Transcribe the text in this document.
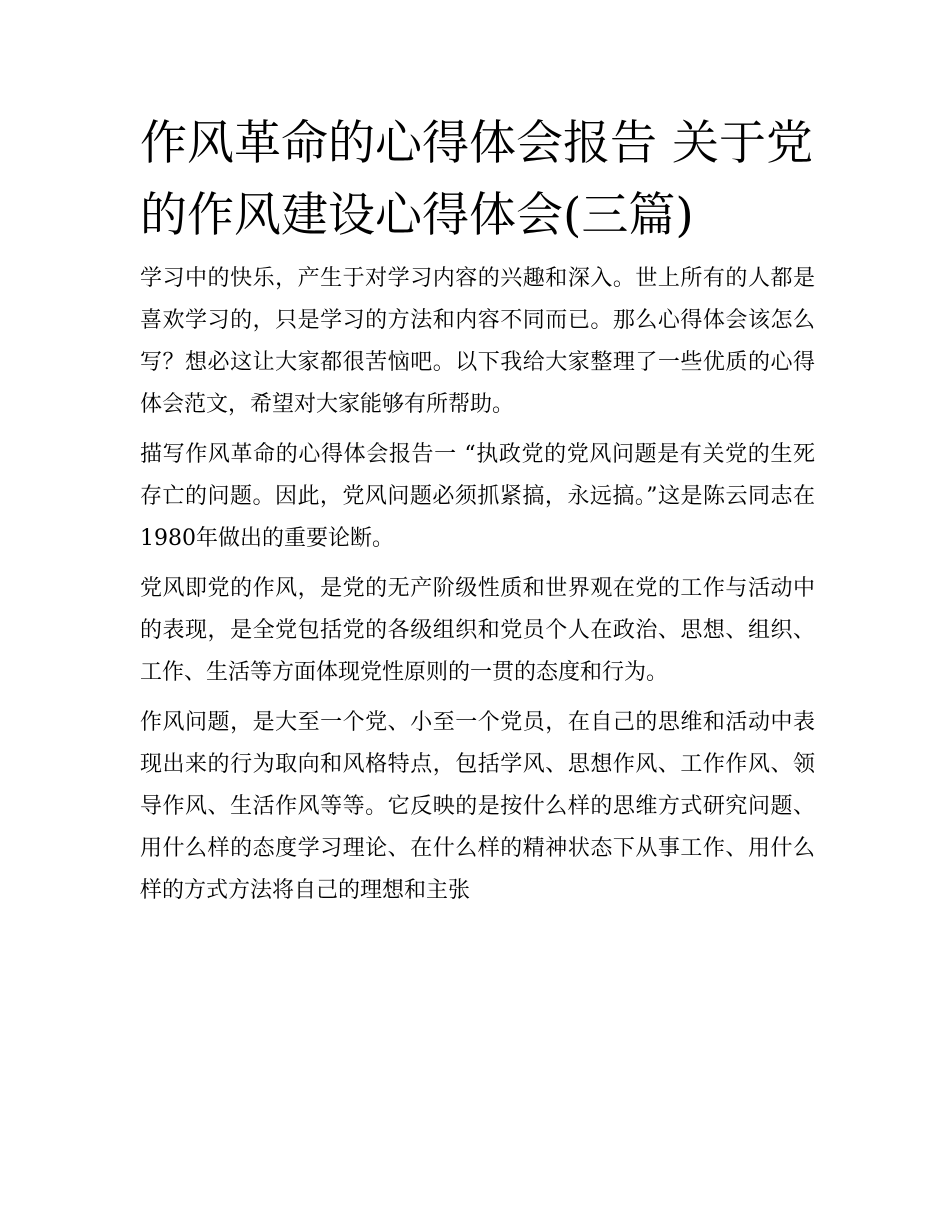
作风革命的心得体会报告 关于党的作风建设心得体会(三篇)

学习中的快乐，产生于对学习内容的兴趣和深入。世上所有的人都是喜欢学习的，只是学习的方法和内容不同而已。那么心得体会该怎么写？想必这让大家都很苦恼吧。以下我给大家整理了一些优质的心得体会范文，希望对大家能够有所帮助。

描写作风革命的心得体会报告一 “执政党的党风问题是有关党的生死存亡的问题。因此，党风问题必须抓紧搞，永远搞。”这是陈云同志在1980年做出的重要论断。

党风即党的作风，是党的无产阶级性质和世界观在党的工作与活动中的表现，是全党包括党的各级组织和党员个人在政治、思想、组织、工作、生活等方面体现党性原则的一贯的态度和行为。

作风问题，是大至一个党、小至一个党员，在自己的思维和活动中表现出来的行为取向和风格特点，包括学风、思想作风、工作作风、领导作风、生活作风等等。它反映的是按什么样的思维方式研究问题、用什么样的态度学习理论、在什么样的精神状态下从事工作、用什么样的方式方法将自己的理想和主张
